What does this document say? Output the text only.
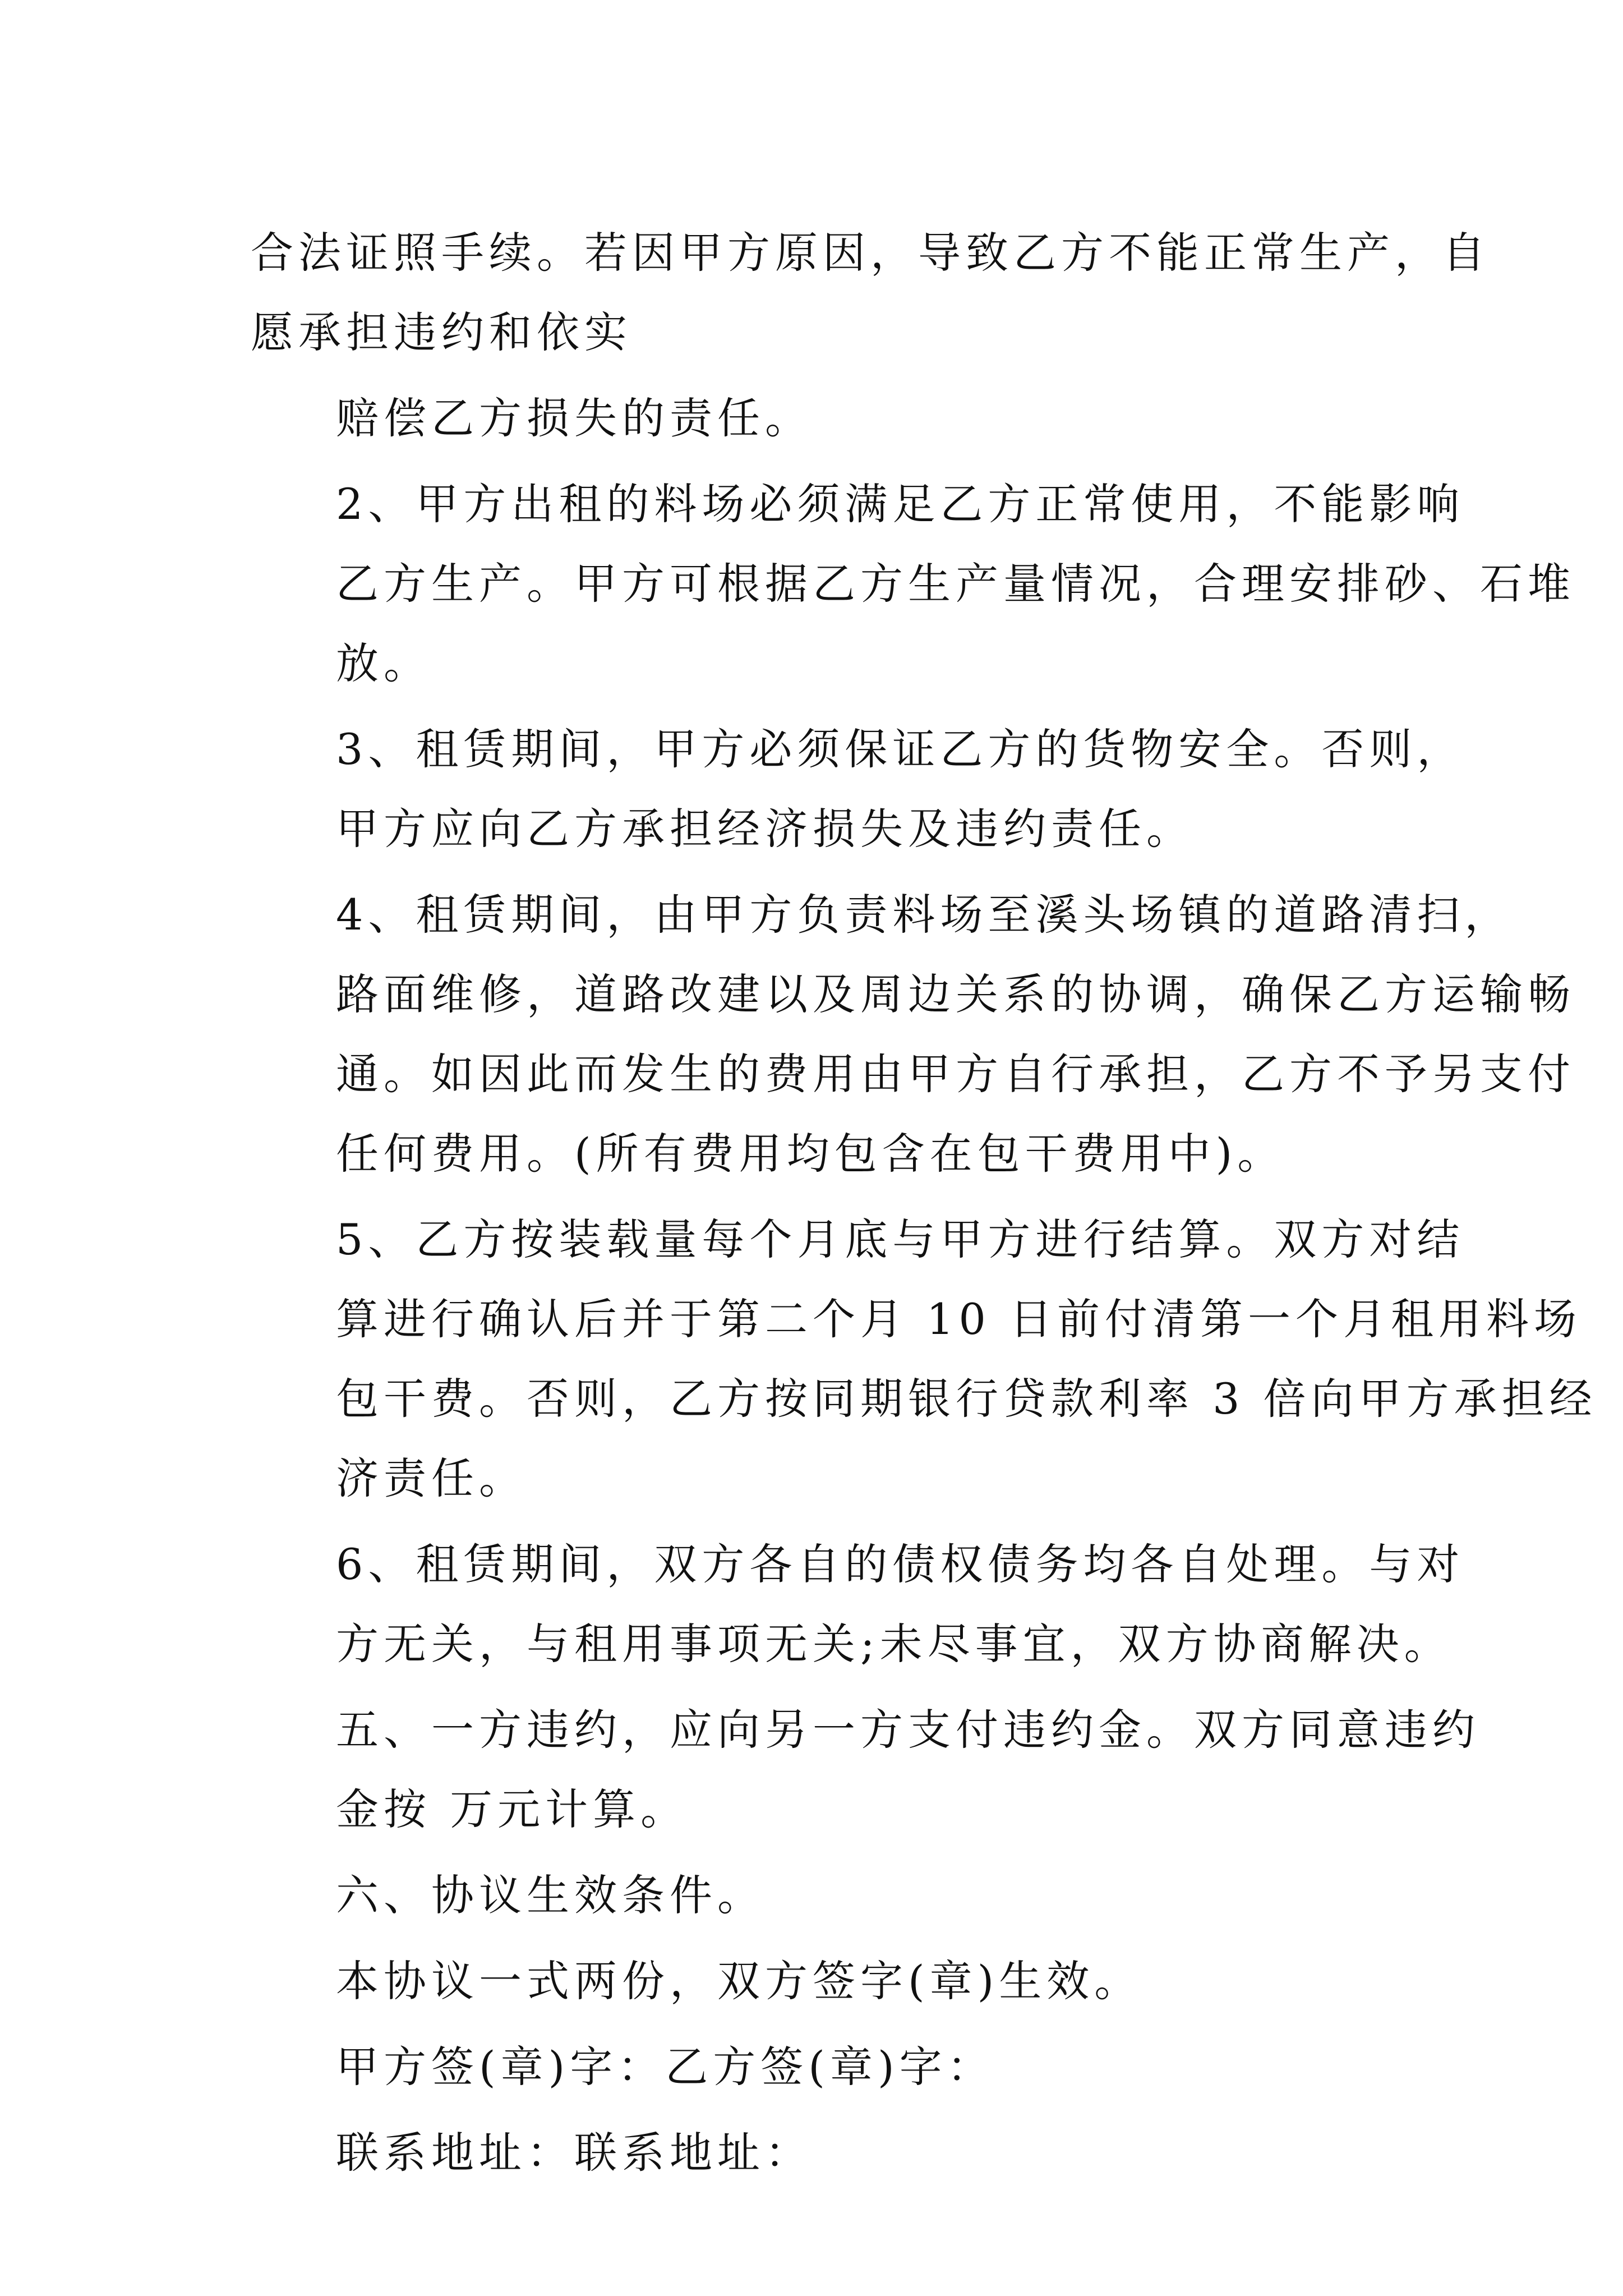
合法证照手续。若因甲方原因，导致乙方不能正常生产，自
愿承担违约和依实

赔偿乙方损失的责任。

2、甲方出租的料场必须满足乙方正常使用，不能影响
乙方生产。甲方可根据乙方生产量情况，合理安排砂、石堆
放。

3、租赁期间，甲方必须保证乙方的货物安全。否则，
甲方应向乙方承担经济损失及违约责任。

4、租赁期间，由甲方负责料场至溪头场镇的道路清扫，
路面维修，道路改建以及周边关系的协调，确保乙方运输畅
通。如因此而发生的费用由甲方自行承担，乙方不予另支付
任何费用。(所有费用均包含在包干费用中)。

5、乙方按装载量每个月底与甲方进行结算。双方对结
算进行确认后并于第二个月 10 日前付清第一个月租用料场
包干费。否则，乙方按同期银行贷款利率 3 倍向甲方承担经
济责任。

6、租赁期间，双方各自的债权债务均各自处理。与对
方无关，与租用事项无关;未尽事宜，双方协商解决。

五、一方违约，应向另一方支付违约金。双方同意违约
金按 万元计算。

六、协议生效条件。

本协议一式两份，双方签字(章)生效。

甲方签(章)字：乙方签(章)字：

联系地址：联系地址：
